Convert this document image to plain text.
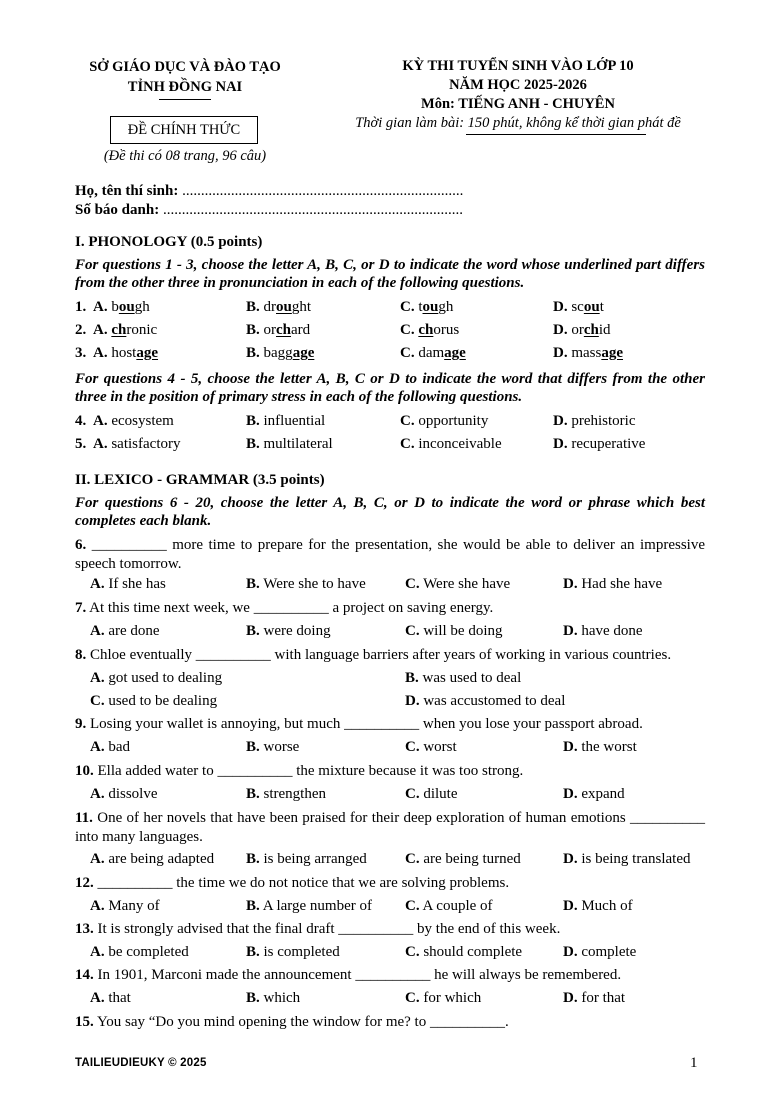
SỞ GIÁO DỤC VÀ ĐÀO TẠO
TỈNH ĐỒNG NAI
ĐỀ CHÍNH THỨC
(Đề thi có 08 trang, 96 câu)
KỲ THI TUYỂN SINH VÀO LỚP 10
NĂM HỌC 2025-2026
Môn: TIẾNG ANH - CHUYÊN
Thời gian làm bài: 150 phút, không kể thời gian phát đề
Họ, tên thí sinh: ...........................................................................
Số báo danh: ................................................................................
I. PHONOLOGY (0.5 points)
For questions 1 - 3, choose the letter A, B, C, or D to indicate the word whose underlined part differs from the other three in pronunciation in each of the following questions.
1. A. bough	B. drought	C. tough	D. scout
2. A. chronic	B. orchard	C. chorus	D. orchid
3. A. hostage	B. baggage	C. damage	D. massage
For questions 4 - 5, choose the letter A, B, C or D to indicate the word that differs from the other three in the position of primary stress in each of the following questions.
4. A. ecosystem	B. influential	C. opportunity	D. prehistoric
5. A. satisfactory	B. multilateral	C. inconceivable	D. recuperative
II. LEXICO - GRAMMAR (3.5 points)
For questions 6 - 20, choose the letter A, B, C, or D to indicate the word or phrase which best completes each blank.
6. __________ more time to prepare for the presentation, she would be able to deliver an impressive speech tomorrow.
A. If she has	B. Were she to have	C. Were she have	D. Had she have
7. At this time next week, we __________ a project on saving energy.
A. are done	B. were doing	C. will be doing	D. have done
8. Chloe eventually __________ with language barriers after years of working in various countries.
A. got used to dealing	B. was used to deal
C. used to be dealing	D. was accustomed to deal
9. Losing your wallet is annoying, but much __________ when you lose your passport abroad.
A. bad	B. worse	C. worst	D. the worst
10. Ella added water to __________ the mixture because it was too strong.
A. dissolve	B. strengthen	C. dilute	D. expand
11. One of her novels that have been praised for their deep exploration of human emotions __________ into many languages.
A. are being adapted B. is being arranged	C. are being turned	D. is being translated
12. __________ the time we do not notice that we are solving problems.
A. Many of	B. A large number of C. A couple of	D. Much of
13. It is strongly advised that the final draft __________ by the end of this week.
A. be completed	B. is completed	C. should complete	D. complete
14. In 1901, Marconi made the announcement __________ he will always be remembered.
A. that	B. which	C. for which	D. for that
15. You say “Do you mind opening the window for me? to __________.
TAILIEUDIEUKY © 2025	1
